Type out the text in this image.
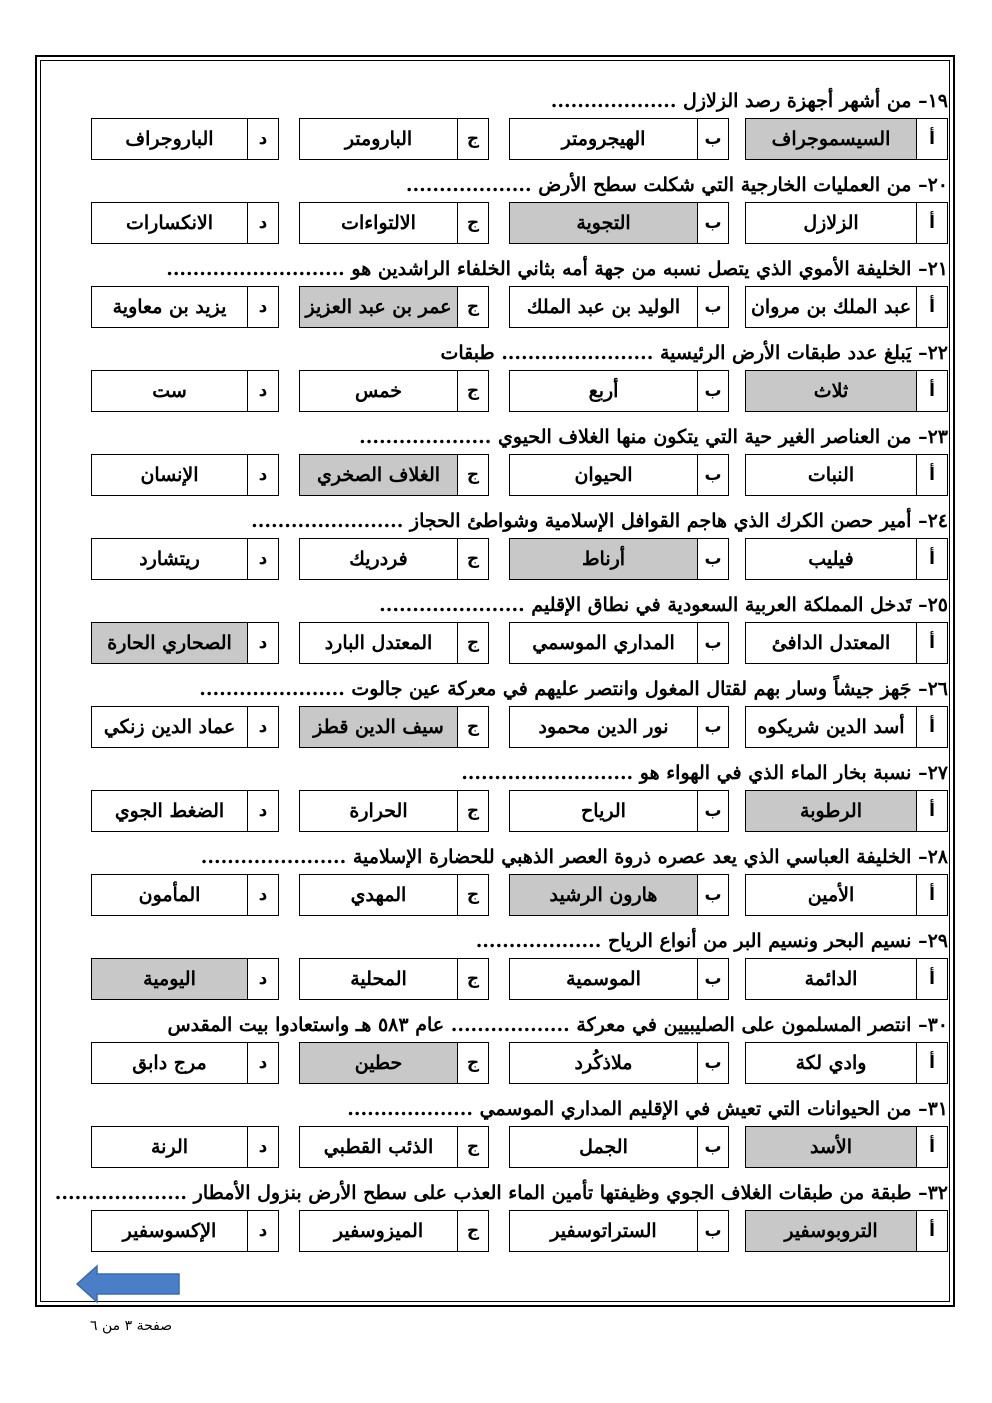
١٩– من أشهر أجهزة رصد الزلازل ...................
أ
السيسموجراف
ب
الهيجرومتر
ج
البارومتر
د
الباروجراف
٢٠– من العمليات الخارجية التي شكلت سطح الأرض ...................
أ
الزلازل
ب
التجوية
ج
الالتواءات
د
الانكسارات
٢١– الخليفة الأموي الذي يتصل نسبه من جهة أمه بثاني الخلفاء الراشدين هو ...........................
أ
عبد الملك بن مروان
ب
الوليد بن عبد الملك
ج
عمر بن عبد العزيز
د
يزيد بن معاوية
٢٢– يَبلغ عدد طبقات الأرض الرئيسية ....................... طبقات
أ
ثلاث
ب
أربع
ج
خمس
د
ست
٢٣– من العناصر الغير حية التي يتكون منها الغلاف الحيوي ....................
أ
النبات
ب
الحيوان
ج
الغلاف الصخري
د
الإنسان
٢٤– أمير حصن الكرك الذي هاجم القوافل الإسلامية وشواطئ الحجاز .......................
أ
فيليب
ب
أرناط
ج
فردريك
د
ريتشارد
٢٥– تَدخل المملكة العربية السعودية في نطاق الإقليم ......................
أ
المعتدل الدافئ
ب
المداري الموسمي
ج
المعتدل البارد
د
الصحاري الحارة
٢٦– جَهز جيشاً وسار بهم لقتال المغول وانتصر عليهم في معركة عين جالوت ......................
أ
أسد الدين شريكوه
ب
نور الدين محمود
ج
سيف الدين قطز
د
عماد الدين زنكي
٢٧– نسبة بخار الماء الذي في الهواء هو ..........................
أ
الرطوبة
ب
الرياح
ج
الحرارة
د
الضغط الجوي
٢٨– الخليفة العباسي الذي يعد عصره ذروة العصر الذهبي للحضارة الإسلامية ......................
أ
الأمين
ب
هارون الرشيد
ج
المهدي
د
المأمون
٢٩– نسيم البحر ونسيم البر من أنواع الرياح ...................
أ
الدائمة
ب
الموسمية
ج
المحلية
د
اليومية
٣٠– انتصر المسلمون على الصليبيين في معركة .................. عام ٥٨٣ هـ واستعادوا بيت المقدس
أ
وادي لكة
ب
ملاذكُرد
ج
حطين
د
مرج دابق
٣١– من الحيوانات التي تعيش في الإقليم المداري الموسمي ...................
أ
الأسد
ب
الجمل
ج
الذئب القطبي
د
الرنة
٣٢– طبقة من طبقات الغلاف الجوي وظيفتها تأمين الماء العذب على سطح الأرض بنزول الأمطار ....................
أ
التروبوسفير
ب
الستراتوسفير
ج
الميزوسفير
د
الإكسوسفير
صفحة ٣ من ٦
